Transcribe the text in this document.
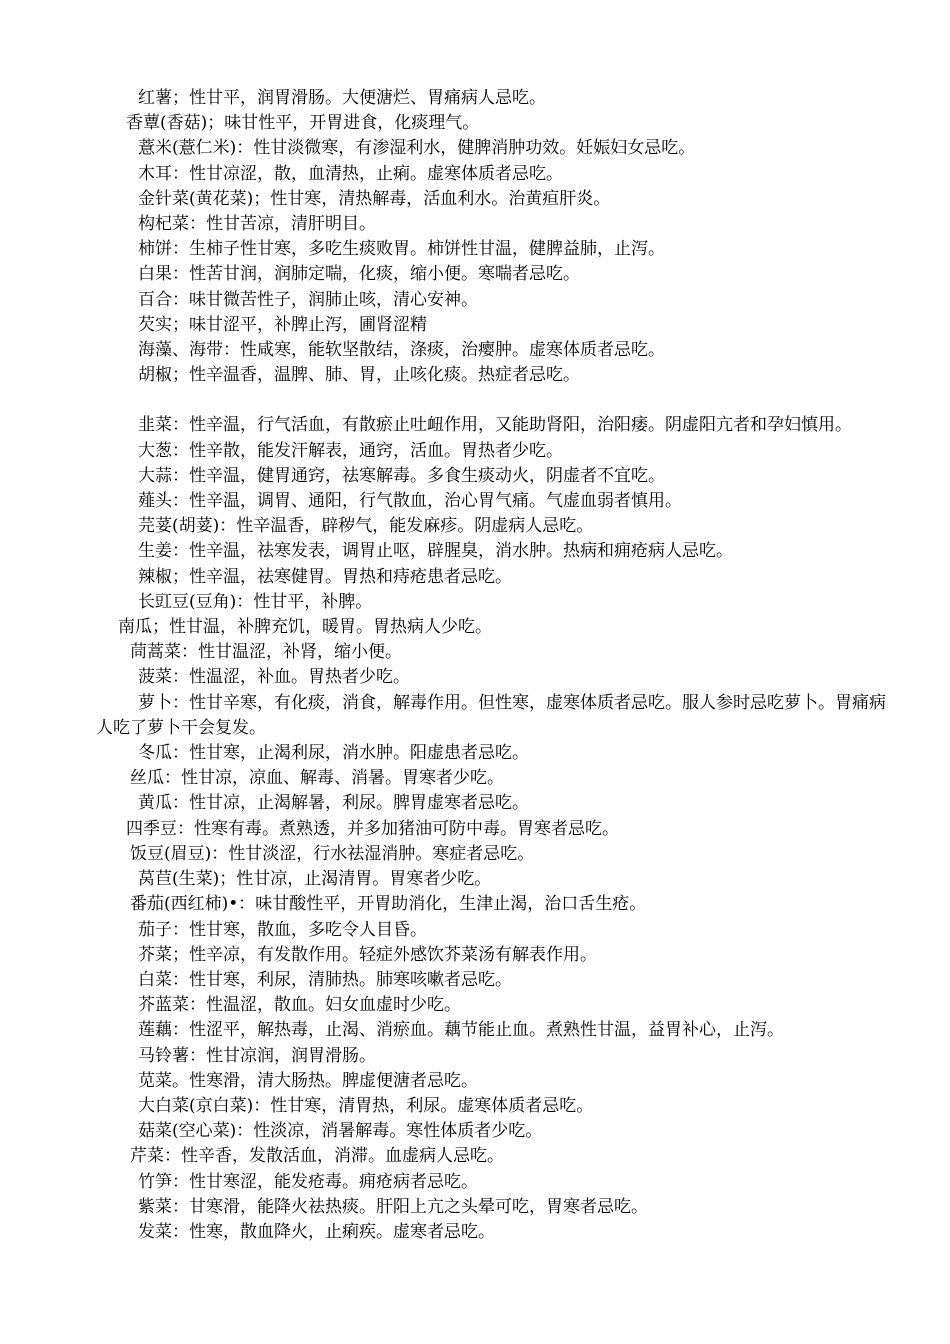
红薯；性甘平，润胃滑肠。大便溏烂、胃痛病人忌吃。

香蕈(香菇)；味甘性平，开胃进食，化痰理气。

薏米(薏仁米)：性甘淡微寒，有渗湿利水，健脾消肿功效。妊娠妇女忌吃。

木耳：性甘凉涩，散，血清热，止痢。虚寒体质者忌吃。

金针菜(黄花菜)；性甘寒，清热解毒，活血利水。治黄疸肝炎。

构杞菜：性甘苦凉，清肝明目。

柿饼：生柿子性甘寒，多吃生痰败胃。柿饼性甘温，健脾益肺，止泻。

白果：性苦甘润，润肺定喘，化痰，缩小便。寒喘者忌吃。

百合：味甘微苦性子，润肺止咳，清心安神。

芡实；味甘涩平，补脾止泻，圃肾涩精

海藻、海带：性咸寒，能软坚散结，涤痰，治瘿肿。虚寒体质者忌吃。

胡椒；性辛温香，温脾、肺、胃，止咳化痰。热症者忌吃。

韭菜：性辛温，行气活血，有散瘀止吐衄作用，又能助肾阳，治阳痿。阴虚阳亢者和孕妇慎用。

大葱：性辛散，能发汗解表，通窍，活血。胃热者少吃。

大蒜：性辛温，健胃通窍，祛寒解毒。多食生痰动火，阴虚者不宜吃。

薤头：性辛温，调胃、通阳，行气散血，治心胃气痛。气虚血弱者慎用。

芫荽(胡荽)：性辛温香，辟秽气，能发麻疹。阴虚病人忌吃。

生姜：性辛温，祛寒发表，调胃止呕，辟腥臭，消水肿。热病和痈疮病人忌吃。

辣椒；性辛温，祛寒健胃。胃热和痔疮患者忌吃。

长豇豆(豆角)：性甘平，补脾。

南瓜；性甘温，补脾充饥，暖胃。胃热病人少吃。

茼蒿菜：性甘温涩，补肾，缩小便。

菠菜：性温涩，补血。胃热者少吃。

萝卜：性甘辛寒，有化痰，消食，解毒作用。但性寒，虚寒体质者忌吃。服人参时忌吃萝卜。胃痛病人吃了萝卜干会复发。

冬瓜：性甘寒，止渴利尿，消水肿。阳虚患者忌吃。

丝瓜：性甘凉，凉血、解毒、消暑。胃寒者少吃。

黄瓜：性甘凉，止渴解暑，利尿。脾胃虚寒者忌吃。

四季豆：性寒有毒。煮熟透，并多加猪油可防中毒。胃寒者忌吃。

饭豆(眉豆)：性甘淡涩，行水祛湿消肿。寒症者忌吃。

莴苣(生菜)；性甘凉，止渴清胃。胃寒者少吃。

番茄(西红柿)•：味甘酸性平，开胃助消化，生津止渴，治口舌生疮。

茄子：性甘寒，散血，多吃令人目昏。

芥菜；性辛凉，有发散作用。轻症外感饮芥菜汤有解表作用。

白菜：性甘寒，利尿，清肺热。肺寒咳嗽者忌吃。

芥蓝菜：性温涩，散血。妇女血虚时少吃。

莲藕：性涩平，解热毒，止渴、消瘀血。藕节能止血。煮熟性甘温，益胃补心，止泻。

马铃薯：性甘凉润，润胃滑肠。

苋菜。性寒滑，清大肠热。脾虚便溏者忌吃。

大白菜(京白菜)：性甘寒，清胃热，利尿。虚寒体质者忌吃。

菇菜(空心菜)：性淡凉，消暑解毒。寒性体质者少吃。

芹菜：性辛香，发散活血，消滞。血虚病人忌吃。

竹笋：性甘寒涩，能发疮毒。痈疮病者忌吃。

紫菜：甘寒滑，能降火祛热痰。肝阳上亢之头晕可吃，胃寒者忌吃。

发菜：性寒，散血降火，止痢疾。虚寒者忌吃。
